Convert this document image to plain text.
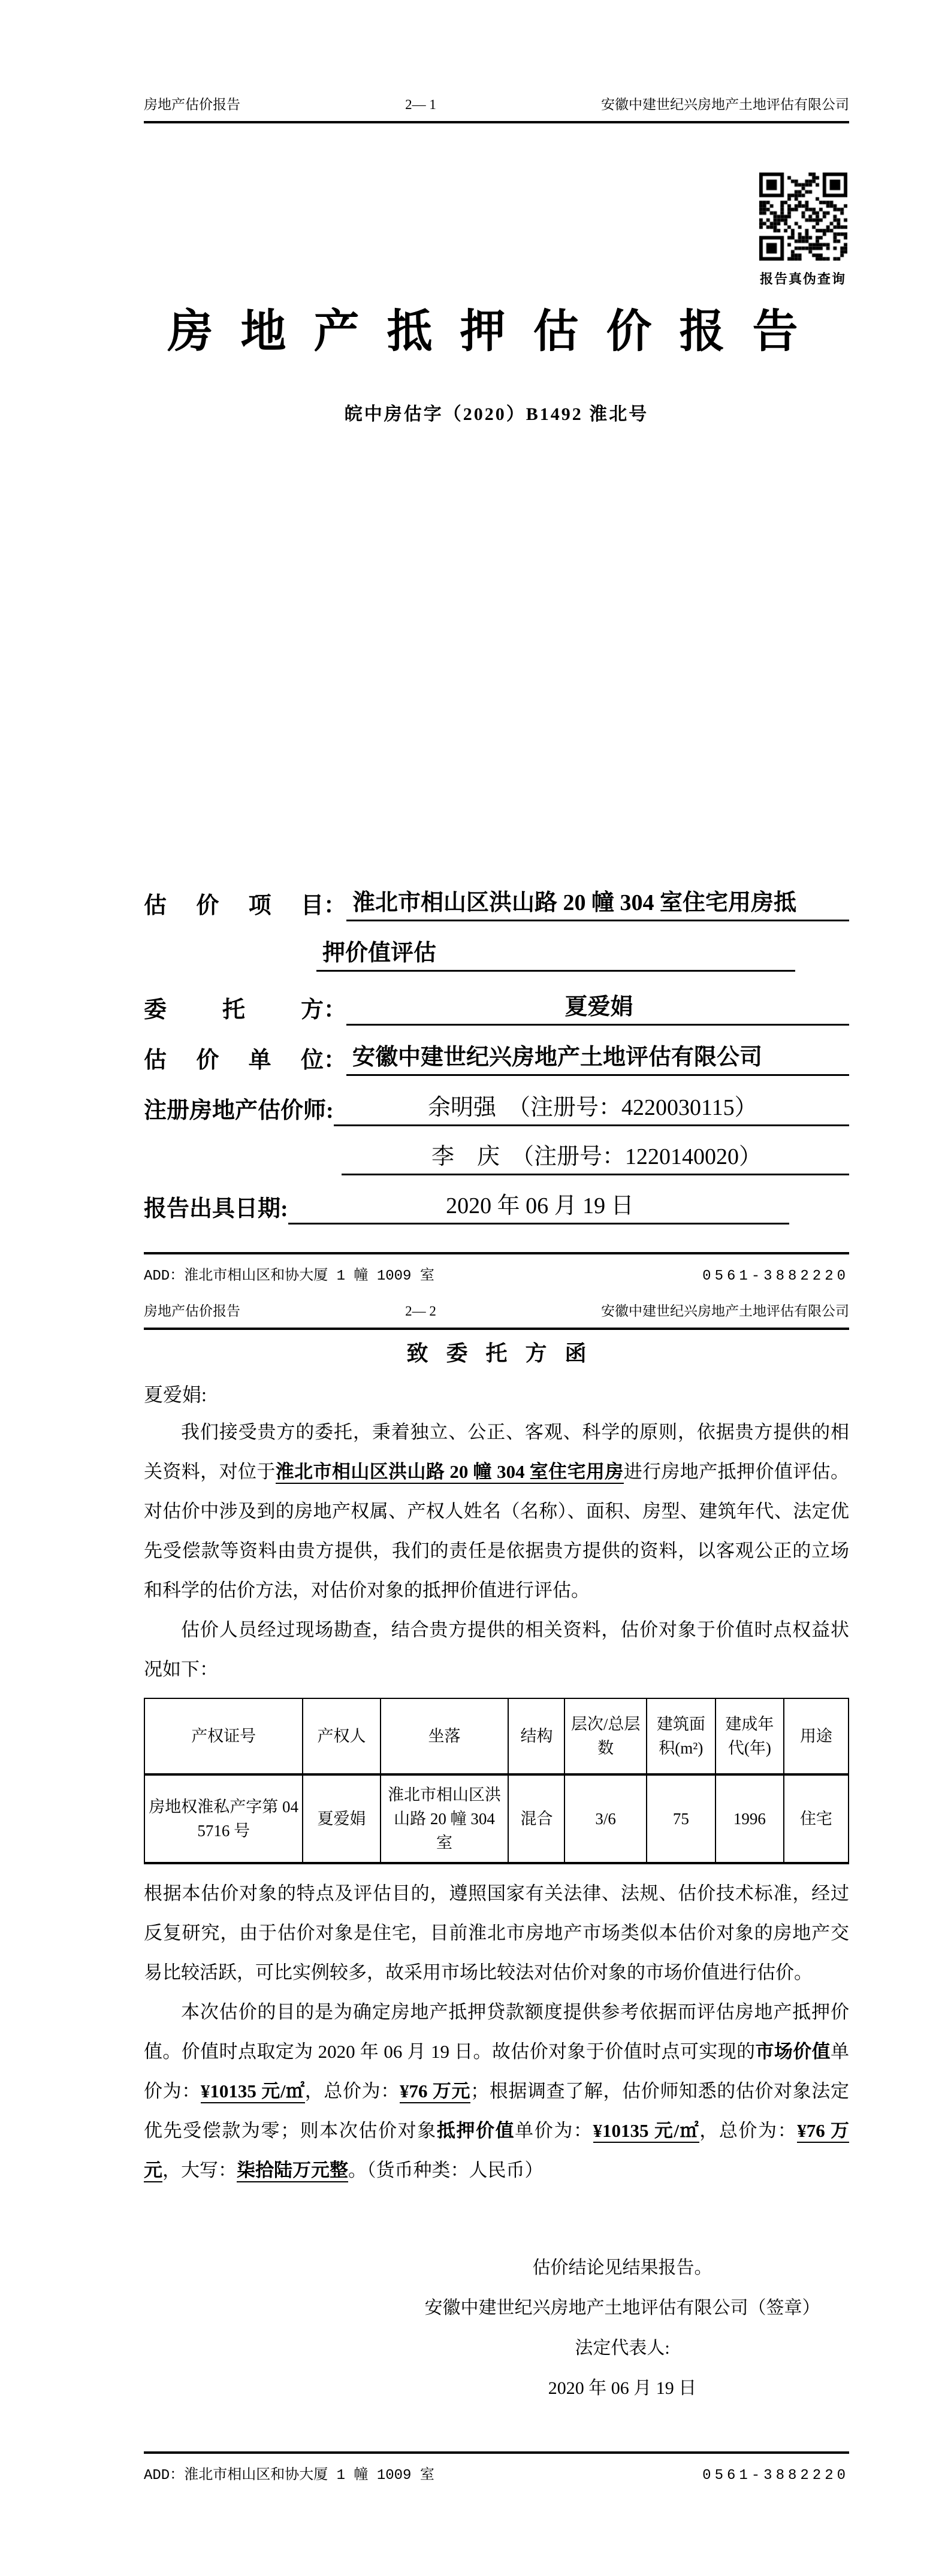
房地产估价报告	2— 1	安徽中建世纪兴房地产土地评估有限公司
报告真伪查询
房地产抵押估价报告
皖中房估字（2020）B1492 淮北号
估价项目 ： 淮北市相山区洪山路 20 幢 304 室住宅用房抵
押价值评估
委托方 ：	夏爱娟
估价单位 ： 安徽中建世纪兴房地产土地评估有限公司
注册房地产估价师:	余明强　（注册号：4220030115）
李　庆　（注册号：1220140020）
报告出具日期:	2020 年 06 月 19 日
ADD：淮北市相山区和协大厦 1 幢 1009 室	0561-3882220
房地产估价报告	2— 2	安徽中建世纪兴房地产土地评估有限公司
致委托方函
夏爱娟:

我们接受贵方的委托，秉着独立、公正、客观、科学的原则，依据贵方提供的相关资料，对位于淮北市相山区洪山路 20 幢 304 室住宅用房进行房地产抵押价值评估。对估价中涉及到的房地产权属、产权人姓名（名称）、面积、房型、建筑年代、法定优先受偿款等资料由贵方提供，我们的责任是依据贵方提供的资料，以客观公正的立场和科学的估价方法，对估价对象的抵押价值进行评估。

估价人员经过现场勘查，结合贵方提供的相关资料，估价对象于价值时点权益状况如下：

产权证号	产权人	坐落	结构	层次/总层数	建筑面积(m²)	建成年代(年)	用途
房地权淮私产字第 045716 号	夏爱娟	淮北市相山区洪山路 20 幢 304 室	混合	3/6	75	1996	住宅

根据本估价对象的特点及评估目的，遵照国家有关法律、法规、估价技术标准，经过反复研究，由于估价对象是住宅，目前淮北市房地产市场类似本估价对象的房地产交易比较活跃，可比实例较多，故采用市场比较法对估价对象的市场价值进行估价。

本次估价的目的是为确定房地产抵押贷款额度提供参考依据而评估房地产抵押价值。价值时点取定为 2020 年 06 月 19 日。故估价对象于价值时点可实现的市场价值单价为：¥10135 元/㎡，总价为：¥76 万元；根据调查了解，估价师知悉的估价对象法定优先受偿款为零；则本次估价对象抵押价值单价为：¥10135 元/㎡，总价为：¥76 万元，大写：柒拾陆万元整。（货币种类：人民币）

估价结论见结果报告。
安徽中建世纪兴房地产土地评估有限公司（签章）
法定代表人:
2020 年 06 月 19 日
ADD：淮北市相山区和协大厦 1 幢 1009 室	0561-3882220
